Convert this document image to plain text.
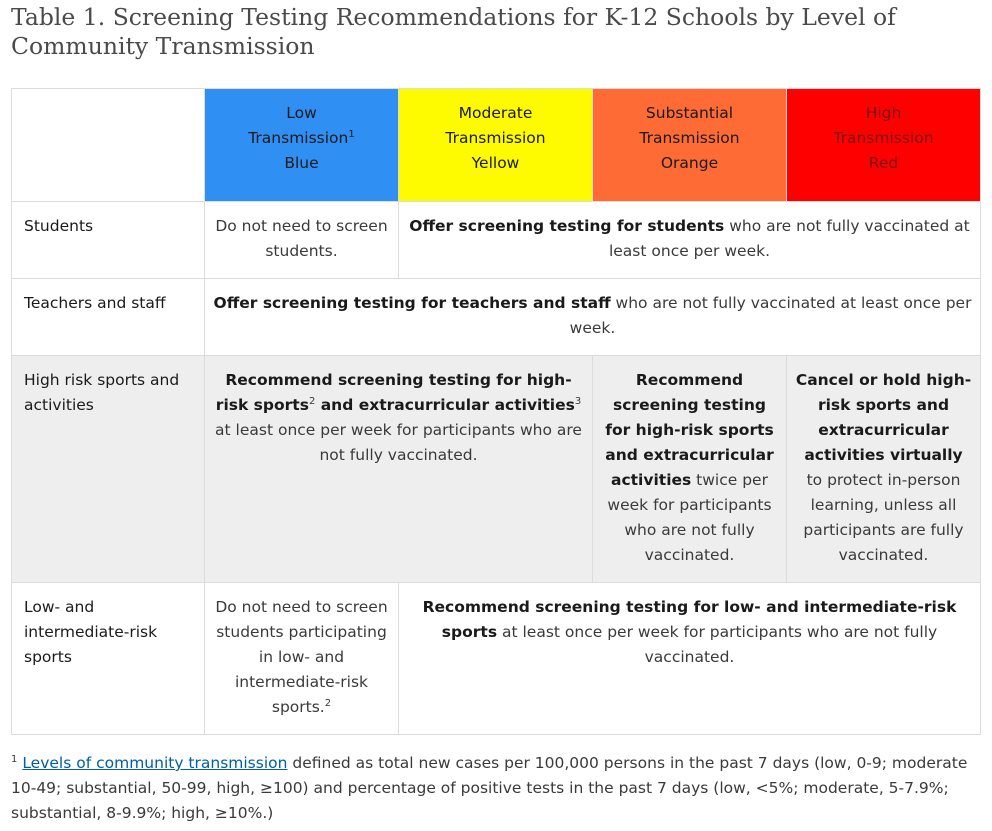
Table 1. Screening Testing Recommendations for K-12 Schools by Level of Community Transmission
	Low
Transmission$^1$
Blue	Moderate
Transmission
Yellow	Substantial
Transmission
Orange	High
Transmission
Red
Students	Do not need to screen students.	Offer screening testing for students who are not fully vaccinated at least once per week.		
Teachers and staff	Offer screening testing for teachers and staff who are not fully vaccinated at least once per week.			
High risk sports and activities	Recommend screening testing for high-risk sports$^2$ and extracurricular activities$^3$ at least once per week for participants who are not fully vaccinated.		Recommend screening testing for high-risk sports and extracurricular activities twice per week for participants who are not fully vaccinated.	Cancel or hold high-risk sports and extracurricular activities virtually to protect in-person learning, unless all participants are fully vaccinated.
Low- and intermediate-risk sports	Do not need to screen students participating in low- and intermediate-risk sports.$^2$	Recommend screening testing for low- and intermediate-risk sports at least once per week for participants who are not fully vaccinated.		

$^1$ Levels of community transmission defined as total new cases per 100,000 persons in the past 7 days (low, 0-9; moderate 10-49; substantial, 50-99, high, ≥100) and percentage of positive tests in the past 7 days (low, <5%; moderate, 5-7.9%; substantial, 8-9.9%; high, ≥10%.)
